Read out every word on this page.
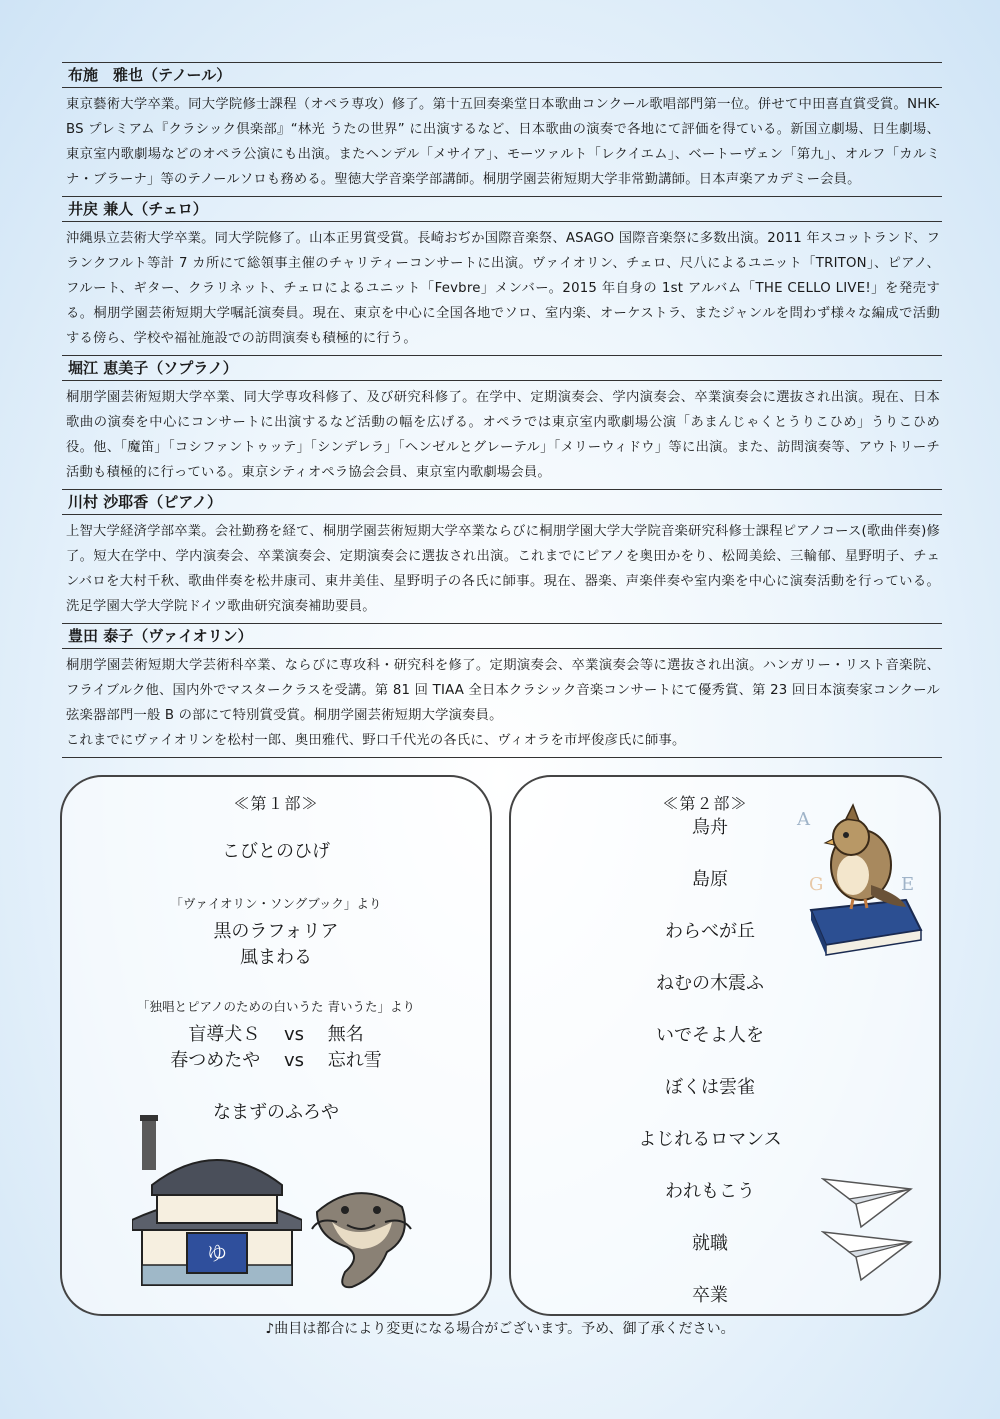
布施　雅也（テノール）

東京藝術大学卒業。同大学院修士課程（オペラ専攻）修了。第十五回奏楽堂日本歌曲コンクール歌唱部門第一位。併せて中田喜直賞受賞。NHK-BS プレミアム『クラシック倶楽部』“林光 うたの世界” に出演するなど、日本歌曲の演奏で各地にて評価を得ている。新国立劇場、日生劇場、東京室内歌劇場などのオペラ公演にも出演。またヘンデル「メサイア」、モーツァルト「レクイエム」、ベートーヴェン「第九」、オルフ「カルミナ・ブラーナ」等のテノールソロも務める。聖徳大学音楽学部講師。桐朋学園芸術短期大学非常勤講師。日本声楽アカデミー会員。

井戻 兼人（チェロ）

沖縄県立芸術大学卒業。同大学院修了。山本正男賞受賞。長崎おぢか国際音楽祭、ASAGO 国際音楽祭に多数出演。2011 年スコットランド、フランクフルト等計 7 カ所にて総領事主催のチャリティーコンサートに出演。ヴァイオリン、チェロ、尺八によるユニット「TRITON」、ピアノ、フルート、ギター、クラリネット、チェロによるユニット「Fevbre」メンバー。2015 年自身の 1st アルバム「THE CELLO LIVE!」を発売する。桐朋学園芸術短期大学嘱託演奏員。現在、東京を中心に全国各地でソロ、室内楽、オーケストラ、またジャンルを問わず様々な編成で活動する傍ら、学校や福祉施設での訪問演奏も積極的に行う。

堀江 恵美子（ソプラノ）

桐朋学園芸術短期大学卒業、同大学専攻科修了、及び研究科修了。在学中、定期演奏会、学内演奏会、卒業演奏会に選抜され出演。現在、日本歌曲の演奏を中心にコンサートに出演するなど活動の幅を広げる。オペラでは東京室内歌劇場公演「あまんじゃくとうりこひめ」うりこひめ役。他、「魔笛」「コシファントゥッテ」「シンデレラ」「ヘンゼルとグレーテル」「メリーウィドウ」等に出演。また、訪問演奏等、アウトリーチ活動も積極的に行っている。東京シティオペラ協会会員、東京室内歌劇場会員。

川村 沙耶香（ピアノ）

上智大学経済学部卒業。会社勤務を経て、桐朋学園芸術短期大学卒業ならびに桐朋学園大学大学院音楽研究科修士課程ピアノコース(歌曲伴奏)修了。短大在学中、学内演奏会、卒業演奏会、定期演奏会に選抜され出演。これまでにピアノを奥田かをり、松岡美絵、三輪郁、星野明子、チェンバロを大村千秋、歌曲伴奏を松井康司、東井美佳、星野明子の各氏に師事。現在、器楽、声楽伴奏や室内楽を中心に演奏活動を行っている。洗足学園大学大学院ドイツ歌曲研究演奏補助要員。

豊田 泰子（ヴァイオリン）

桐朋学園芸術短期大学芸術科卒業、ならびに専攻科・研究科を修了。定期演奏会、卒業演奏会等に選抜され出演。ハンガリー・リスト音楽院、フライブルク他、国内外でマスタークラスを受講。第 81 回 TIAA 全日本クラシック音楽コンサートにて優秀賞、第 23 回日本演奏家コンクール弦楽器部門一般 B の部にて特別賞受賞。桐朋学園芸術短期大学演奏員。
これまでにヴァイオリンを松村一郎、奥田雅代、野口千代光の各氏に、ヴィオラを市坪俊彦氏に師事。

≪第１部≫
こびとのひげ
「ヴァイオリン・ソングブック」より
黒のラフォリア
風まわる
「独唱とピアノのための白いうた 青いうた」より
盲導犬Ｓ　 vs 　無名
春つめたや 　vs 　忘れ雪
なまずのふろや
ゆ
≪第２部≫
鳥舟
島原
わらべが丘
ねむの木震ふ
いでそよ人を
ぼくは雲雀
よじれるロマンス
われもこう
就職
卒業
A
G	E
♪曲目は都合により変更になる場合がございます。予め、御了承ください。
